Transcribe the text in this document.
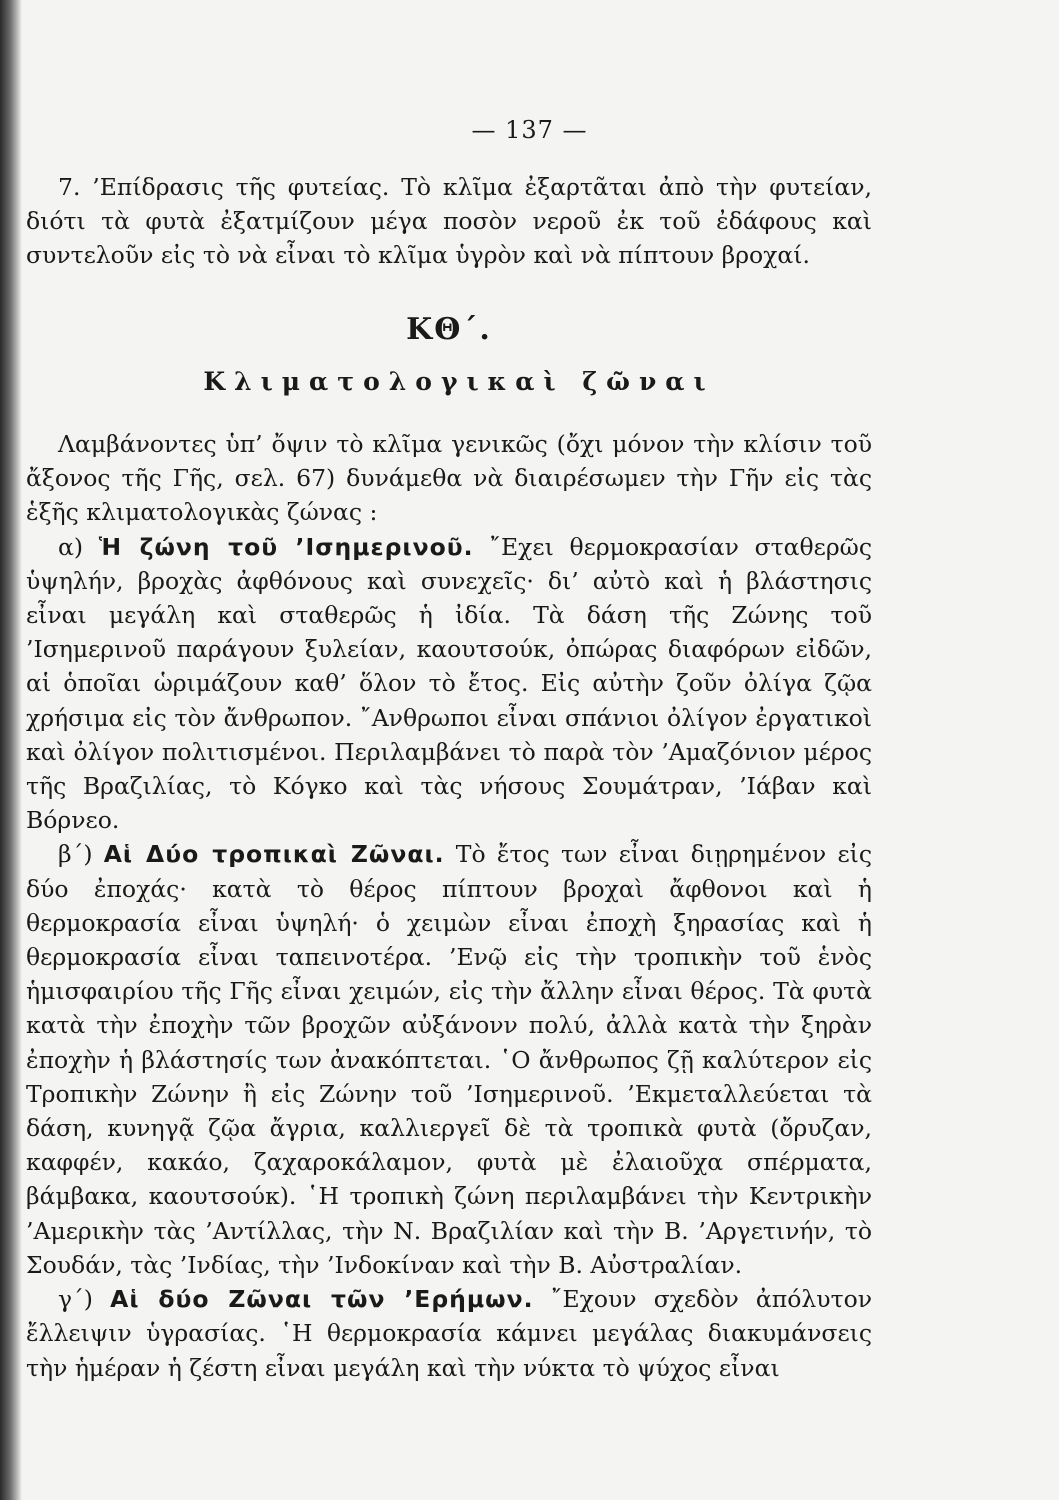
— 137 —

7. ’Επίδρασις τῆς φυτείας. Τὸ κλῖμα ἐξαρτᾶται ἀπὸ τὴν φυτείαν, διότι τὰ φυτὰ ἐξατμίζουν μέγα ποσὸν νεροῦ ἐκ τοῦ ἐδάφους καὶ συντελοῦν εἰς τὸ νὰ εἶναι τὸ κλῖμα ὑγρὸν καὶ νὰ πίπτουν βροχαί.

ΚΘ΄.
Κλιματολογικαὶ ζῶναι

Λαμβάνοντες ὑπ’ ὄψιν τὸ κλῖμα γενικῶς (ὄχι μόνον τὴν κλίσιν τοῦ ἄξονος τῆς Γῆς, σελ. 67) δυνάμεθα νὰ διαιρέσωμεν τὴν Γῆν εἰς τὰς ἑξῆς κλιματολογικὰς ζώνας :

α) Ἡ ζώνη τοῦ ’Ισημερινοῦ. ῎Εχει θερμοκρασίαν σταθερῶς ὑψηλήν, βροχὰς ἀφθόνους καὶ συνεχεῖς· δι’ αὐτὸ καὶ ἡ βλάστησις εἶναι μεγάλη καὶ σταθερῶς ἡ ἰδία. Τὰ δάση τῆς Ζώνης τοῦ ’Ισημερινοῦ παράγουν ξυλείαν, καουτσούκ, ὀπώρας διαφόρων εἰδῶν, αἱ ὁποῖαι ὡριμάζουν καθ’ ὅλον τὸ ἔτος. Εἰς αὐτὴν ζοῦν ὀλίγα ζῷα χρήσιμα εἰς τὸν ἄνθρωπον. ῎Ανθρωποι εἶναι σπάνιοι ὀλίγον ἐργατικοὶ καὶ ὀλίγον πολιτισμένοι. Περιλαμβάνει τὸ παρὰ τὸν ’Αμαζόνιον μέρος τῆς Βραζιλίας, τὸ Κόγκο καὶ τὰς νήσους Σουμάτραν, ’Ιάβαν καὶ Βόρνεο.

β΄) Αἱ Δύο τροπικαὶ Ζῶναι. Τὸ ἔτος των εἶναι διῃρημένον εἰς δύο ἐποχάς· κατὰ τὸ θέρος πίπτουν βροχαὶ ἄφθονοι καὶ ἡ θερμοκρασία εἶναι ὑψηλή· ὁ χειμὼν εἶναι ἐποχὴ ξηρασίας καὶ ἡ θερμοκρασία εἶναι ταπεινοτέρα. ’Ενῷ εἰς τὴν τροπικὴν τοῦ ἑνὸς ἡμισφαιρίου τῆς Γῆς εἶναι χειμών, εἰς τὴν ἄλλην εἶναι θέρος. Τὰ φυτὰ κατὰ τὴν ἐποχὴν τῶν βροχῶν αὐξάνονν πολύ, ἀλλὰ κατὰ τὴν ξηρὰν ἐποχὴν ἡ βλάστησίς των ἀνακόπτεται. ῾Ο ἄνθρωπος ζῇ καλύτερον εἰς Τροπικὴν Ζώνην ἢ εἰς Ζώνην τοῦ ’Ισημερινοῦ. ’Εκμεταλλεύεται τὰ δάση, κυνηγᾷ ζῷα ἄγρια, καλλιεργεῖ δὲ τὰ τροπικὰ φυτὰ (ὄρυζαν, καφφέν, κακάο, ζαχαροκάλαμον, φυτὰ μὲ ἐλαιοῦχα σπέρματα, βάμβακα, καουτσούκ). ῾Η τροπικὴ ζώνη περιλαμβάνει τὴν Κεντρικὴν ’Αμερικὴν τὰς ’Αντίλλας, τὴν Ν. Βραζιλίαν καὶ τὴν Β. ’Αργετινήν, τὸ Σουδάν, τὰς ’Ινδίας, τὴν ’Ινδοκίναν καὶ τὴν Β. Αὐστραλίαν.

γ΄) Αἱ δύο Ζῶναι τῶν ’Ερήμων. ῎Εχουν σχεδὸν ἀπόλυτον ἔλλειψιν ὑγρασίας. ῾Η θερμοκρασία κάμνει μεγάλας διακυμάνσεις τὴν ἡμέραν ἡ ζέστη εἶναι μεγάλη καὶ τὴν νύκτα τὸ ψύχος εἶναι
